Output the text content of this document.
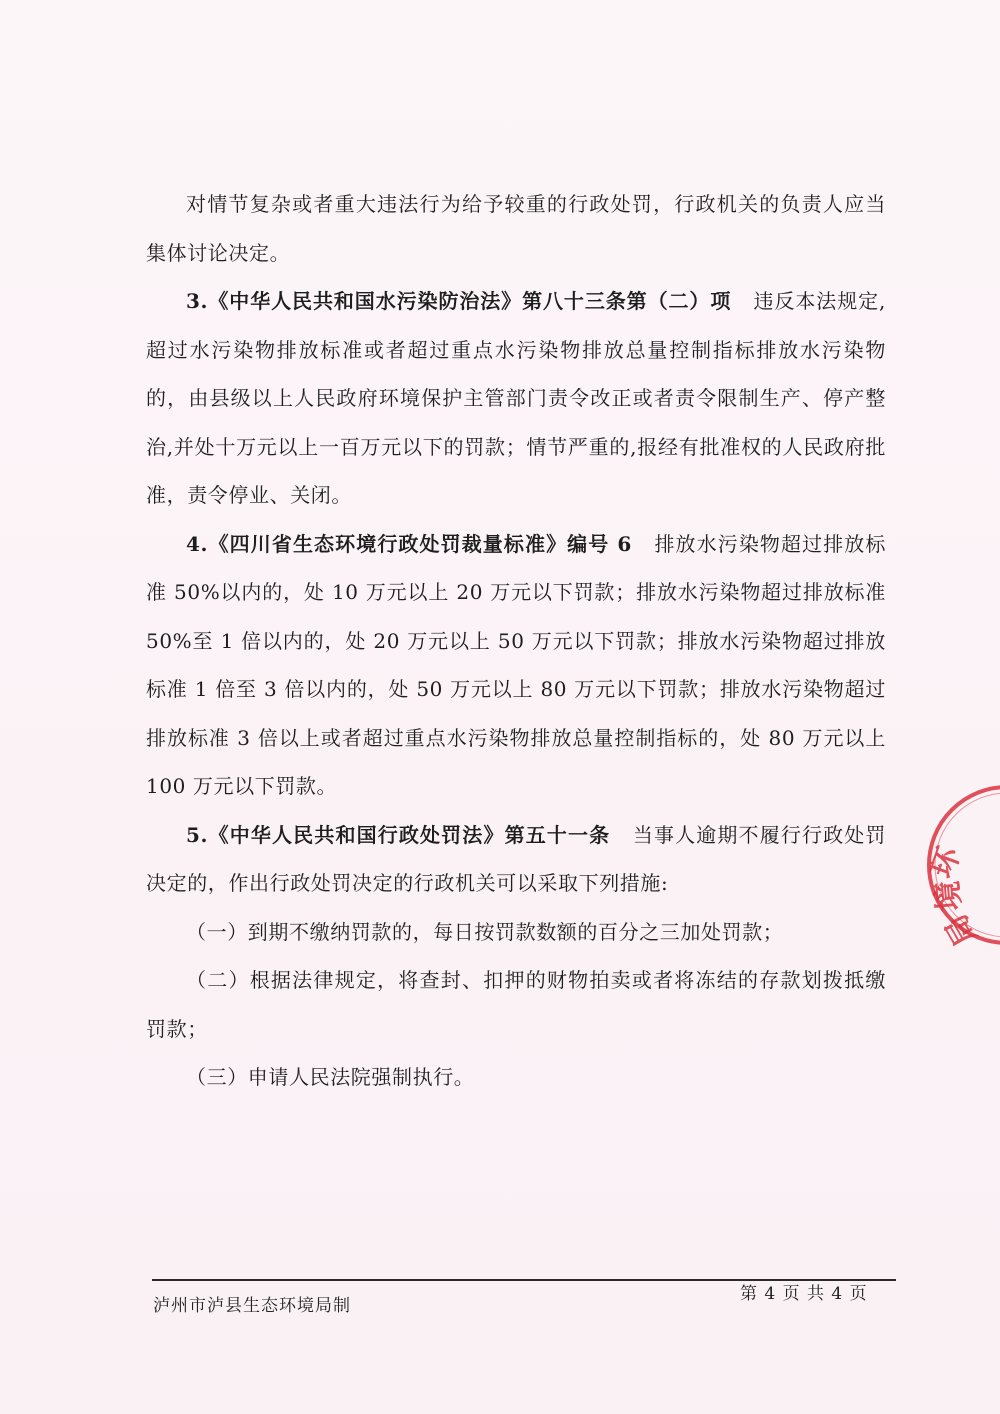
对情节复杂或者重大违法行为给予较重的行政处罚，行政机关的负责人应当集体讨论决定。

3.《中华人民共和国水污染防治法》第八十三条第（二）项 违反本法规定,超过水污染物排放标准或者超过重点水污染物排放总量控制指标排放水污染物的，由县级以上人民政府环境保护主管部门责令改正或者责令限制生产、停产整治,并处十万元以上一百万元以下的罚款；情节严重的,报经有批准权的人民政府批准，责令停业、关闭。

4.《四川省生态环境行政处罚裁量标准》编号 6 排放水污染物超过排放标准 50%以内的，处 10 万元以上 20 万元以下罚款；排放水污染物超过排放标准 50%至 1 倍以内的，处 20 万元以上 50 万元以下罚款；排放水污染物超过排放标准 1 倍至 3 倍以内的，处 50 万元以上 80 万元以下罚款；排放水污染物超过排放标准 3 倍以上或者超过重点水污染物排放总量控制指标的，处 80 万元以上 100 万元以下罚款。

5.《中华人民共和国行政处罚法》第五十一条 当事人逾期不履行行政处罚决定的，作出行政处罚决定的行政机关可以采取下列措施:

（一）到期不缴纳罚款的，每日按罚款数额的百分之三加处罚款；

（二）根据法律规定，将查封、扣押的财物拍卖或者将冻结的存款划拨抵缴罚款；

（三）申请人民法院强制执行。

环
境
局
泸州市泸县生态环境局制
第 4 页 共 4 页
